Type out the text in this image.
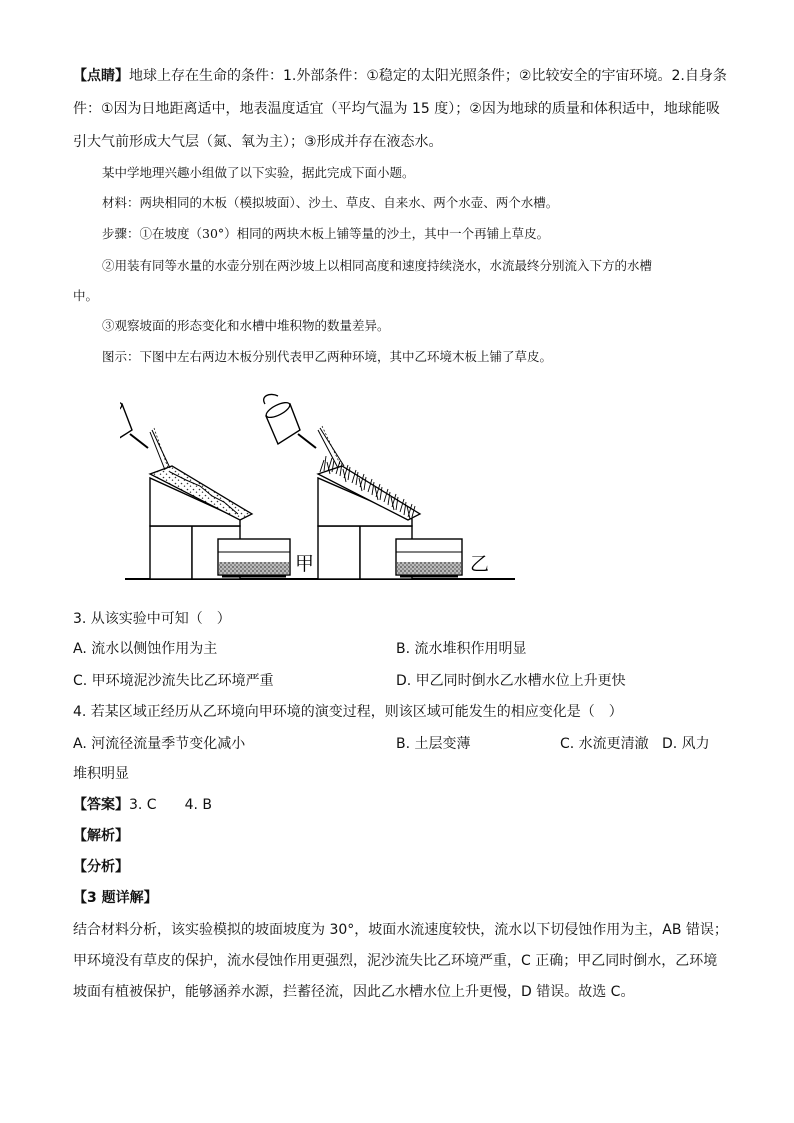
【点睛】地球上存在生命的条件：1.外部条件：①稳定的太阳光照条件；②比较安全的宇宙环境。2.自身条
件：①因为日地距离适中，地表温度适宜（平均气温为 15 度）；②因为地球的质量和体积适中，地球能吸
引大气前形成大气层（氮、氧为主）；③形成并存在液态水。
某中学地理兴趣小组做了以下实验，据此完成下面小题。
材料：两块相同的木板（模拟坡面）、沙土、草皮、自来水、两个水壶、两个水槽。
步骤：①在坡度（30°）相同的两块木板上铺等量的沙土，其中一个再铺上草皮。
②用装有同等水量的水壶分别在两沙坡上以相同高度和速度持续浇水，水流最终分别流入下方的水槽
中。
③观察坡面的形态变化和水槽中堆积物的数量差异。
图示：下图中左右两边木板分别代表甲乙两种环境，其中乙环境木板上铺了草皮。
甲	乙
3. 从该实验中可知（　）
A. 流水以侧蚀作用为主	B. 流水堆积作用明显
C. 甲环境泥沙流失比乙环境严重	D. 甲乙同时倒水乙水槽水位上升更快
4. 若某区域正经历从乙环境向甲环境的演变过程，则该区域可能发生的相应变化是（　）
A. 河流径流量季节变化减小	B. 土层变薄	C. 水流更清澈 D. 风力
堆积明显
【答案】3. C　　4. B
【解析】
【分析】
【3 题详解】
结合材料分析，该实验模拟的坡面坡度为 30°，坡面水流速度较快，流水以下切侵蚀作用为主，AB 错误；
甲环境没有草皮的保护，流水侵蚀作用更强烈，泥沙流失比乙环境严重，C 正确；甲乙同时倒水，乙环境
坡面有植被保护，能够涵养水源，拦蓄径流，因此乙水槽水位上升更慢，D 错误。故选 C。
